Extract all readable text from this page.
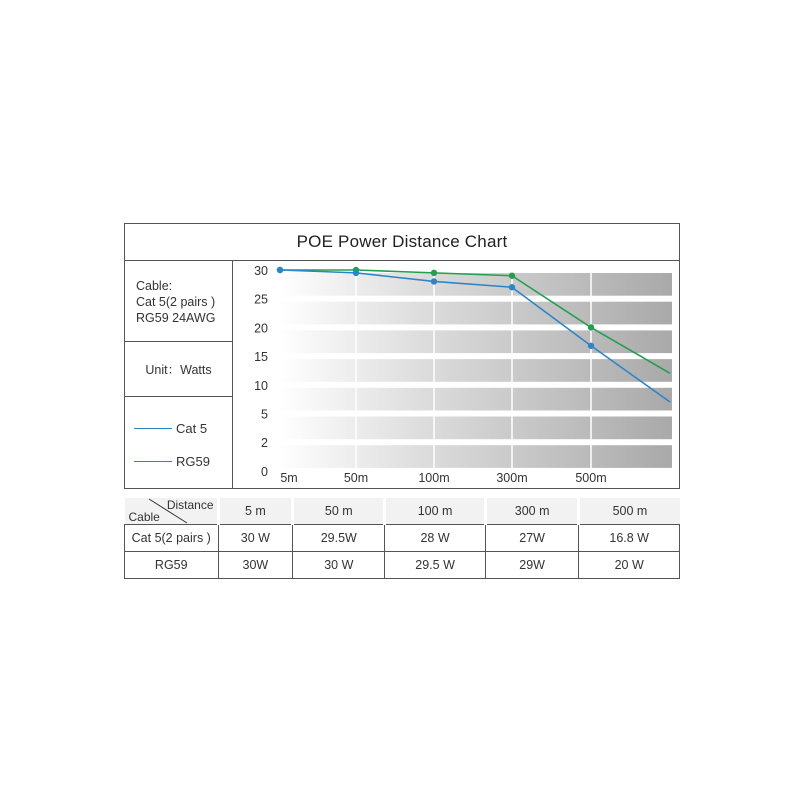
POE Power Distance Chart
Cable:
Cat 5(2 pairs )
RG59 24AWG
Unit：Watts
Cat 5
RG59
30
25
20
15
10
5
2
0 5m	50m	100m	300m	500m
Distance
Cable	5 m	50 m	100 m	300 m	500 m
Cat 5(2 pairs )	30 W	29.5W	28 W	27W	16.8 W
RG59	30W	30 W	29.5 W	29W	20 W
